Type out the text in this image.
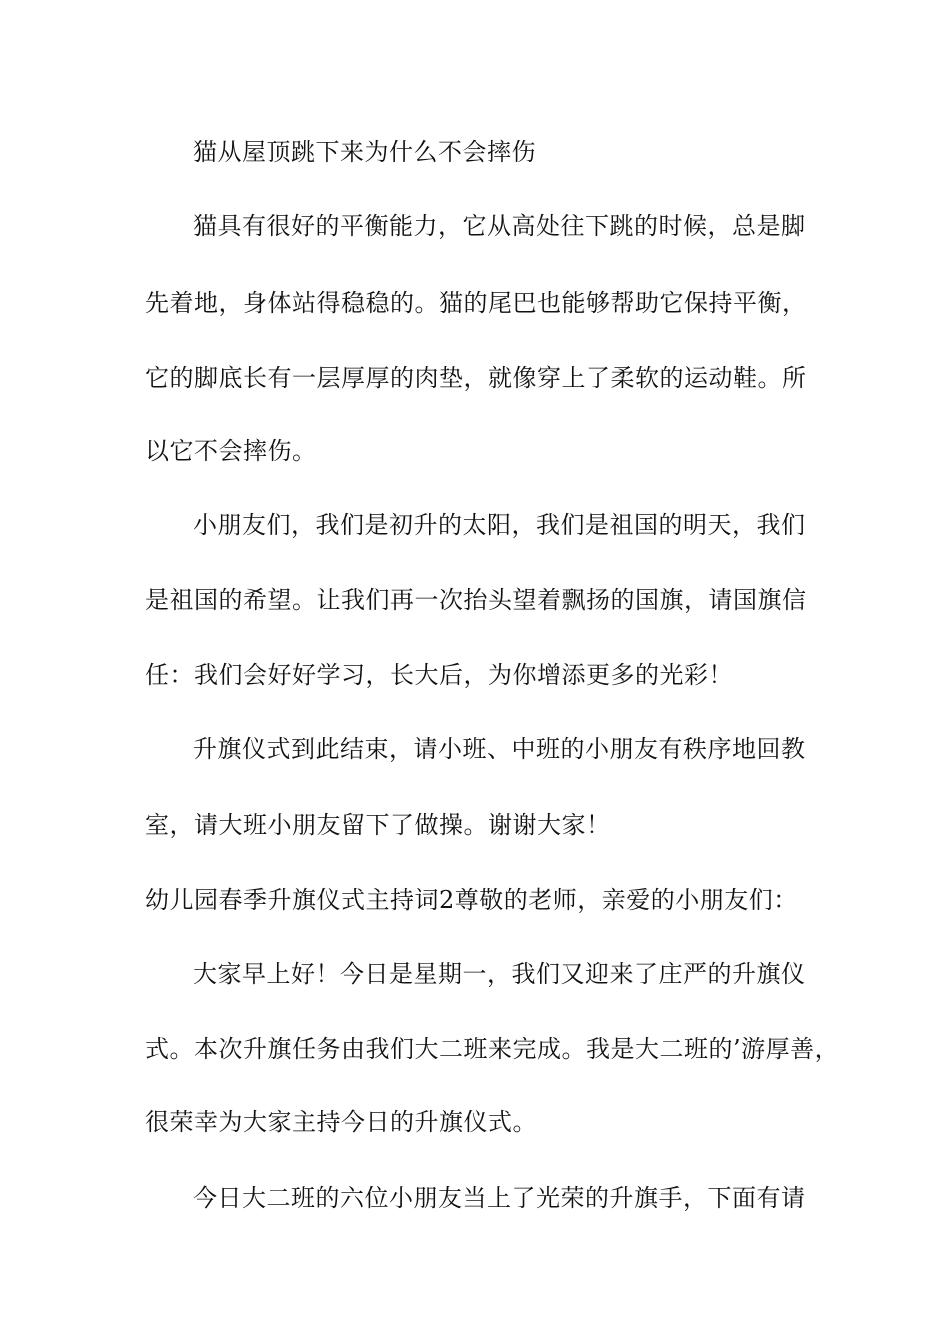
猫从屋顶跳下来为什么不会摔伤
猫具有很好的平衡能力，它从高处往下跳的时候，总是脚
先着地，身体站得稳稳的。猫的尾巴也能够帮助它保持平衡，
它的脚底长有一层厚厚的肉垫，就像穿上了柔软的运动鞋。所
以它不会摔伤。
小朋友们，我们是初升的太阳，我们是祖国的明天，我们
是祖国的希望。让我们再一次抬头望着飘扬的国旗，请国旗信
任：我们会好好学习，长大后，为你增添更多的光彩！
升旗仪式到此结束，请小班、中班的小朋友有秩序地回教
室，请大班小朋友留下了做操。谢谢大家！
幼儿园春季升旗仪式主持词2尊敬的老师，亲爱的小朋友们：
大家早上好！今日是星期一，我们又迎来了庄严的升旗仪
式。本次升旗任务由我们大二班来完成。我是大二班的’游厚善，
很荣幸为大家主持今日的升旗仪式。
今日大二班的六位小朋友当上了光荣的升旗手，下面有请
